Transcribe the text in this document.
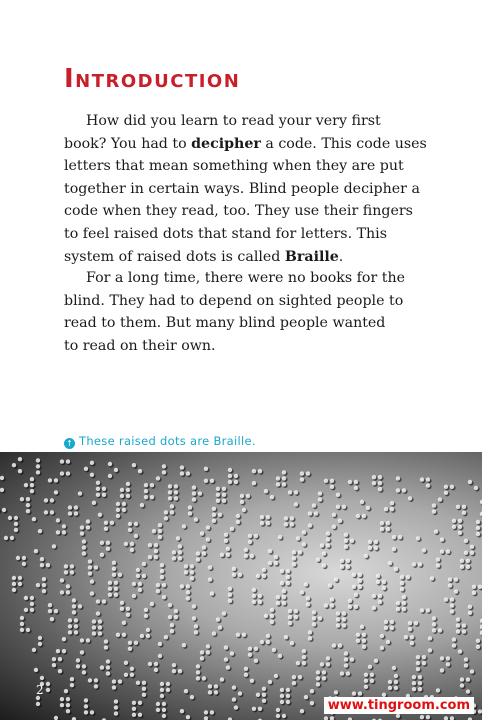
Introduction
How did you learn to read your very first
book? You had to decipher a code. This code uses
letters that mean something when they are put
together in certain ways. Blind people decipher a
code when they read, too. They use their fingers
to feel raised dots that stand for letters. This
system of raised dots is called Braille.
For a long time, there were no books for the
blind. They had to depend on sighted people to
read to them. But many blind people wanted
to read on their own.
↑ These raised dots are Braille.
2
www.tingroom.com
